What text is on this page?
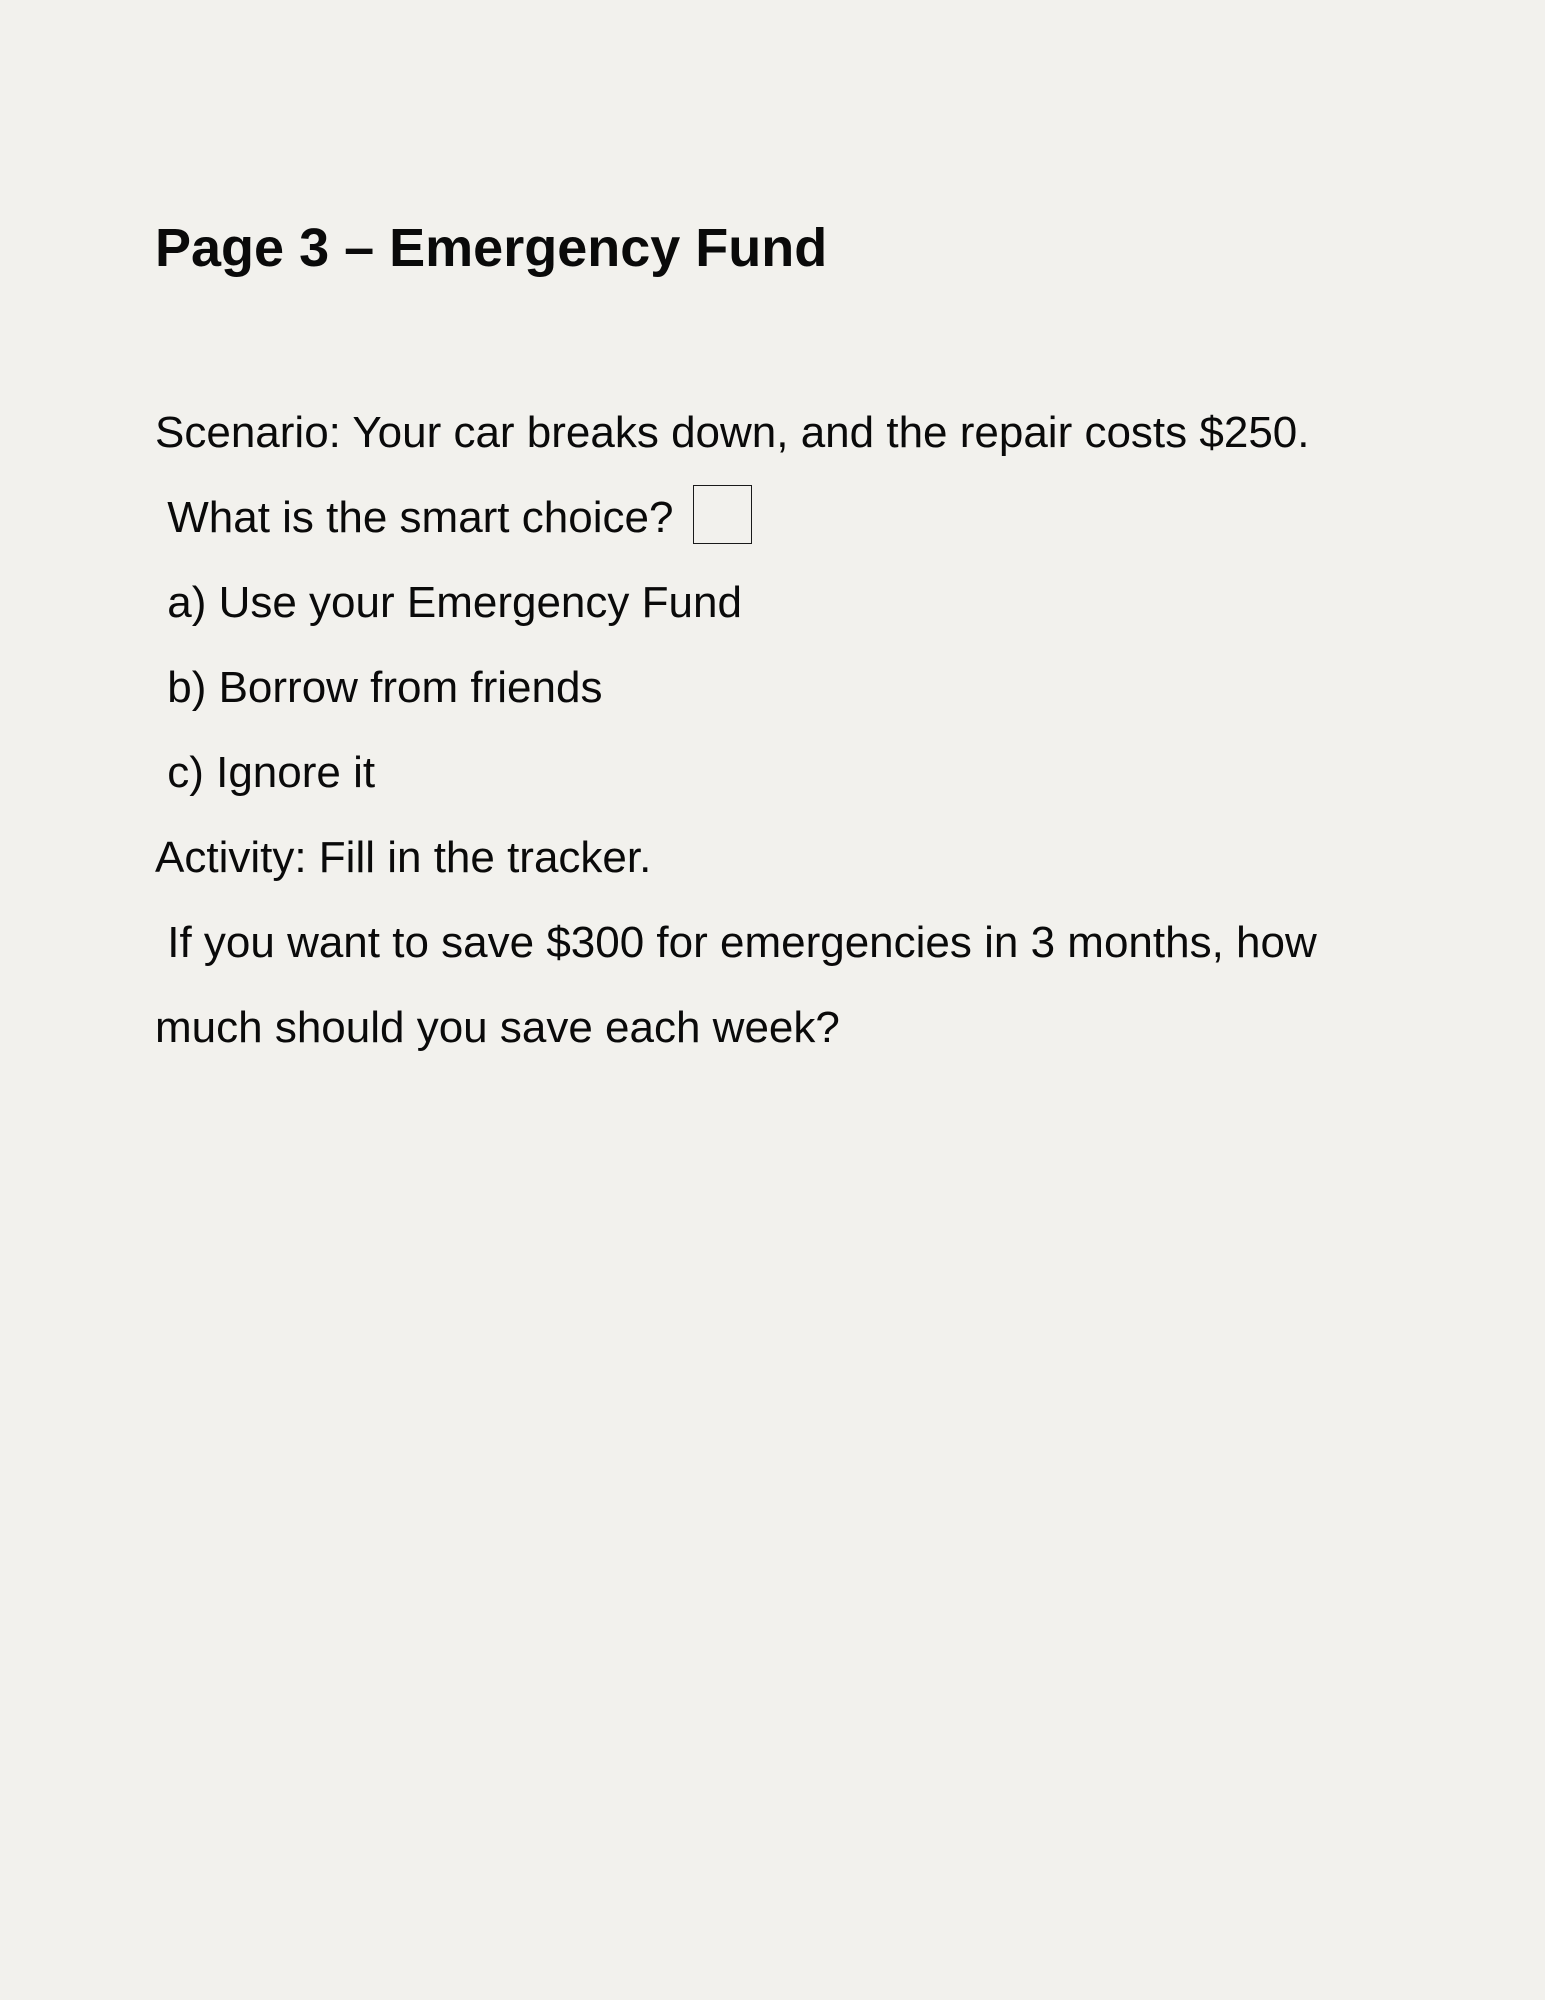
Page 3 – Emergency Fund
Scenario: Your car breaks down, and the repair costs $250.
What is the smart choice?
a) Use your Emergency Fund
b) Borrow from friends
c) Ignore it
Activity: Fill in the tracker.
If you want to save $300 for emergencies in 3 months, how
much should you save each week?
